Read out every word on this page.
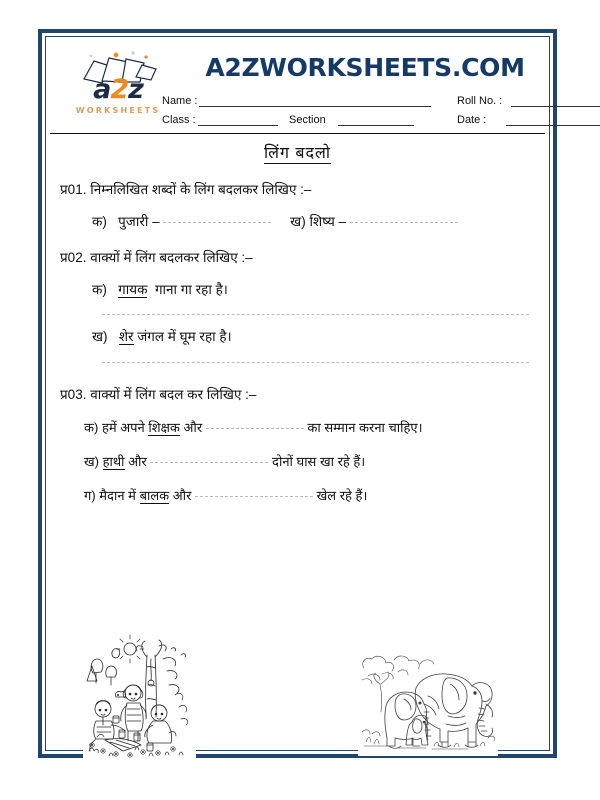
a2z
WORKSHEETS
A2ZWORKSHEETS.COM
Name :	Roll No. :
Class :	Section	Date :
लिंग बदलो
प्र01. निम्नलिखित शब्दों के लिंग बदलकर लिखिए :–
क) पुजारी –	ख) शिष्य –
प्र02. वाक्यों में लिंग बदलकर लिखिए :–
क) गायक गाना गा रहा है।
ख) शेर जंगल में घूम रहा है।
प्र03. वाक्यों में लिंग बदल कर लिखिए :–
क) हमें अपने शिक्षक और	का सम्मान करना चाहिए।
ख) हाथी और	दोनों घास खा रहे हैं।
ग) मैदान में बालक और	खेल रहे हैं।
